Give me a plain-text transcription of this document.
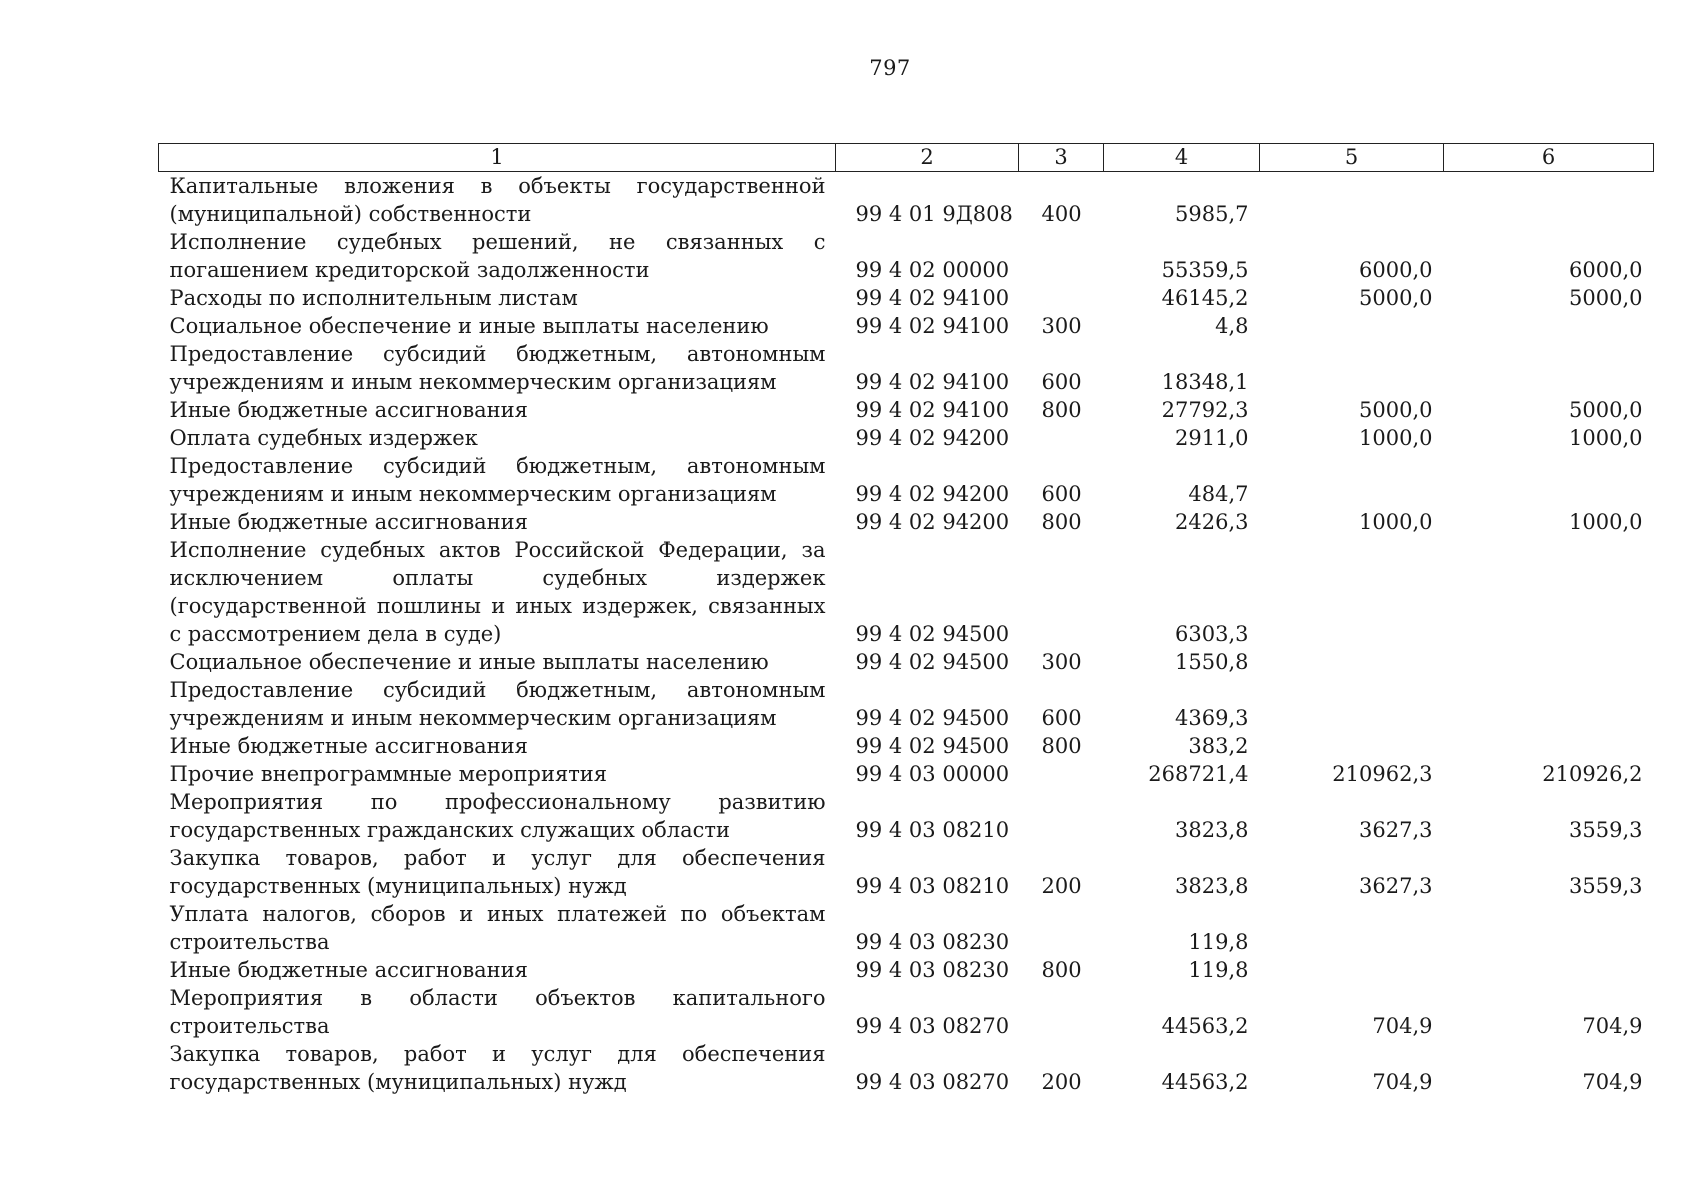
797
1	2	3	4	5	6
Капитальные вложения в объекты государственной (муниципальной) собственности	99 4 01 9Д808	400	5985,7		
Исполнение судебных решений, не связанных с погашением кредиторской задолженности	99 4 02 00000		55359,5	6000,0	6000,0
Расходы по исполнительным листам	99 4 02 94100		46145,2	5000,0	5000,0
Социальное обеспечение и иные выплаты населению	99 4 02 94100	300	4,8		
Предоставление субсидий бюджетным, автономным учреждениям и иным некоммерческим организациям	99 4 02 94100	600	18348,1		
Иные бюджетные ассигнования	99 4 02 94100	800	27792,3	5000,0	5000,0
Оплата судебных издержек	99 4 02 94200		2911,0	1000,0	1000,0
Предоставление субсидий бюджетным, автономным учреждениям и иным некоммерческим организациям	99 4 02 94200	600	484,7		
Иные бюджетные ассигнования	99 4 02 94200	800	2426,3	1000,0	1000,0
Исполнение судебных актов Российской Федерации, за исключением оплаты судебных издержек (государственной пошлины и иных издержек, связанных с рассмотрением дела в суде)	99 4 02 94500		6303,3		
Социальное обеспечение и иные выплаты населению	99 4 02 94500	300	1550,8		
Предоставление субсидий бюджетным, автономным учреждениям и иным некоммерческим организациям	99 4 02 94500	600	4369,3		
Иные бюджетные ассигнования	99 4 02 94500	800	383,2		
Прочие внепрограммные мероприятия	99 4 03 00000		268721,4	210962,3	210926,2
Мероприятия по профессиональному развитию государственных гражданских служащих области	99 4 03 08210		3823,8	3627,3	3559,3
Закупка товаров, работ и услуг для обеспечения государственных (муниципальных) нужд	99 4 03 08210	200	3823,8	3627,3	3559,3
Уплата налогов, сборов и иных платежей по объектам строительства	99 4 03 08230		119,8		
Иные бюджетные ассигнования	99 4 03 08230	800	119,8		
Мероприятия в области объектов капитального строительства	99 4 03 08270		44563,2	704,9	704,9
Закупка товаров, работ и услуг для обеспечения государственных (муниципальных) нужд	99 4 03 08270	200	44563,2	704,9	704,9
